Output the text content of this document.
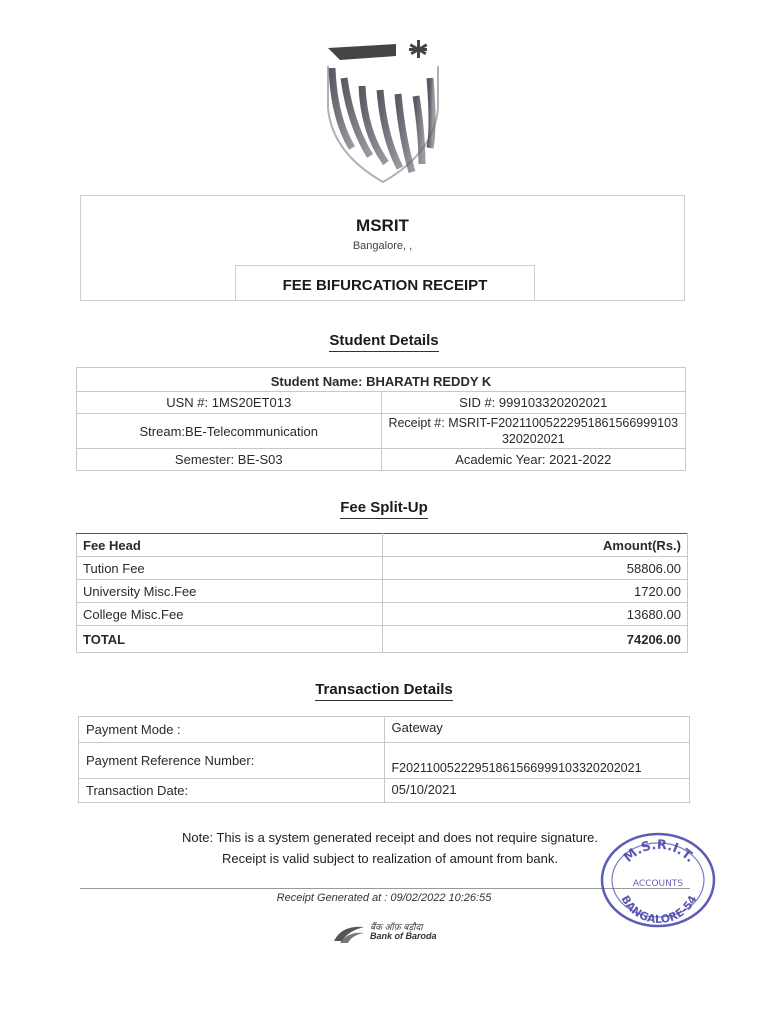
MSRIT
Bangalore, ,
FEE BIFURCATION RECEIPT
Student Details
Student Name: BHARATH REDDY K	
USN #: 1MS20ET013	SID #: 999103320202021
Stream:BE-Telecommunication	Receipt #: MSRIT-F20211005222951861566999103320202021
Semester: BE-S03	Academic Year: 2021-2022
Fee Split-Up
Fee Head	Amount(Rs.)
Tution Fee	58806.00
University Misc.Fee	1720.00
College Misc.Fee	13680.00
TOTAL	74206.00
Transaction Details
Payment Mode :	Gateway
Payment Reference Number:	F20211005222951861566999103320202021
Transaction Date:	05/10/2021
Note: This is a system generated receipt and does not require signature.
Receipt is valid subject to realization of amount from bank.
Receipt Generated at : 09/02/2022 10:26:55
बैंक ऑफ़ बड़ौदा
Bank of Baroda
M.S.R.I.T.
ACCOUNTS
BANGALORE-54
